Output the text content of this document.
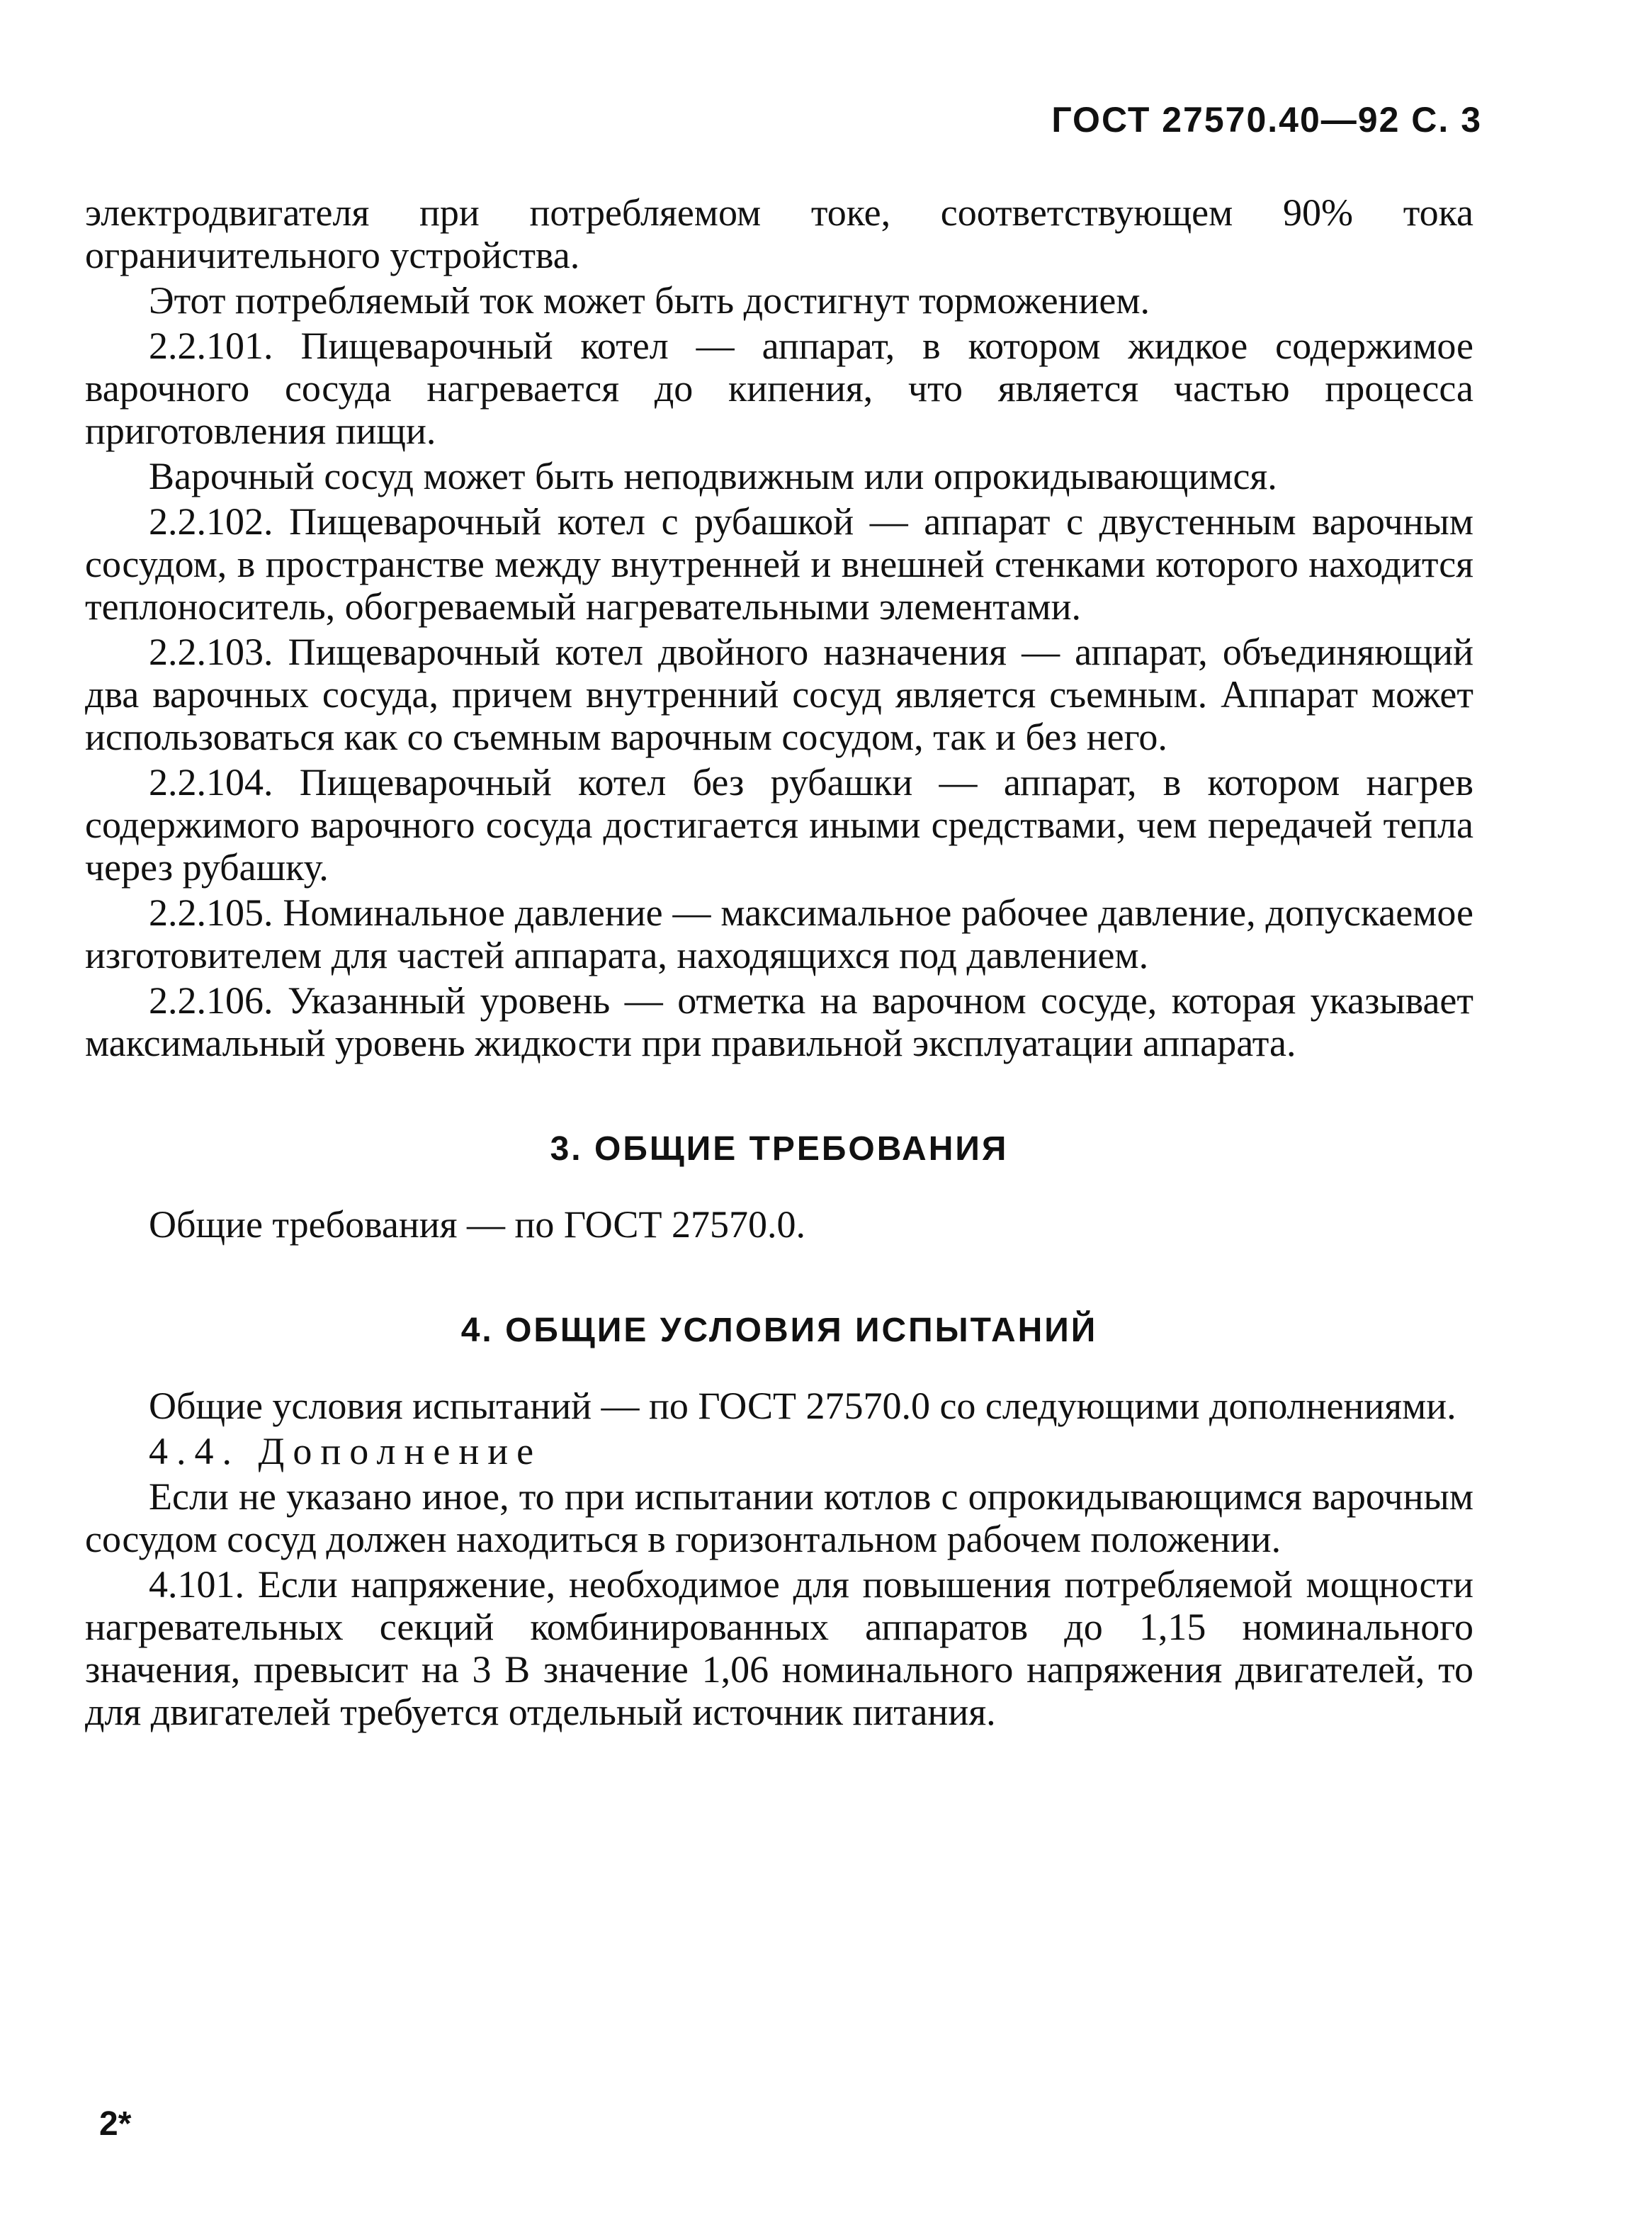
ГОСТ 27570.40—92 С. 3

электродвигателя при потребляемом токе, соответствующем 90% тока ограничительного устройства.

Этот потребляемый ток может быть достигнут торможением.

2.2.101. Пищеварочный котел — аппарат, в котором жидкое содержимое варочного сосуда нагревается до кипения, что является частью процесса приготовления пищи.

Варочный сосуд может быть неподвижным или опрокидывающимся.

2.2.102. Пищеварочный котел с рубашкой — аппарат с двустенным варочным сосудом, в пространстве между внутренней и внешней стенками которого находится теплоноситель, обогреваемый нагревательными элементами.

2.2.103. Пищеварочный котел двойного назначения — аппарат, объединяющий два варочных сосуда, причем внутренний сосуд является съемным. Аппарат может использоваться как со съемным варочным сосудом, так и без него.

2.2.104. Пищеварочный котел без рубашки — аппарат, в котором нагрев содержимого варочного сосуда достигается иными средствами, чем передачей тепла через рубашку.

2.2.105. Номинальное давление — максимальное рабочее давление, допускаемое изготовителем для частей аппарата, находящихся под давлением.

2.2.106. Указанный уровень — отметка на варочном сосуде, которая указывает максимальный уровень жидкости при правильной эксплуатации аппарата.

3. ОБЩИЕ ТРЕБОВАНИЯ

Общие требования — по ГОСТ 27570.0.

4. ОБЩИЕ УСЛОВИЯ ИСПЫТАНИЙ

Общие условия испытаний — по ГОСТ 27570.0 со следующими дополнениями.

4.4. Дополнение

Если не указано иное, то при испытании котлов с опрокидывающимся варочным сосудом сосуд должен находиться в горизонтальном рабочем положении.

4.101. Если напряжение, необходимое для повышения потребляемой мощности нагревательных секций комбинированных аппаратов до 1,15 номинального значения, превысит на 3 В значение 1,06 номинального напряжения двигателей, то для двигателей требуется отдельный источник питания.

2*
